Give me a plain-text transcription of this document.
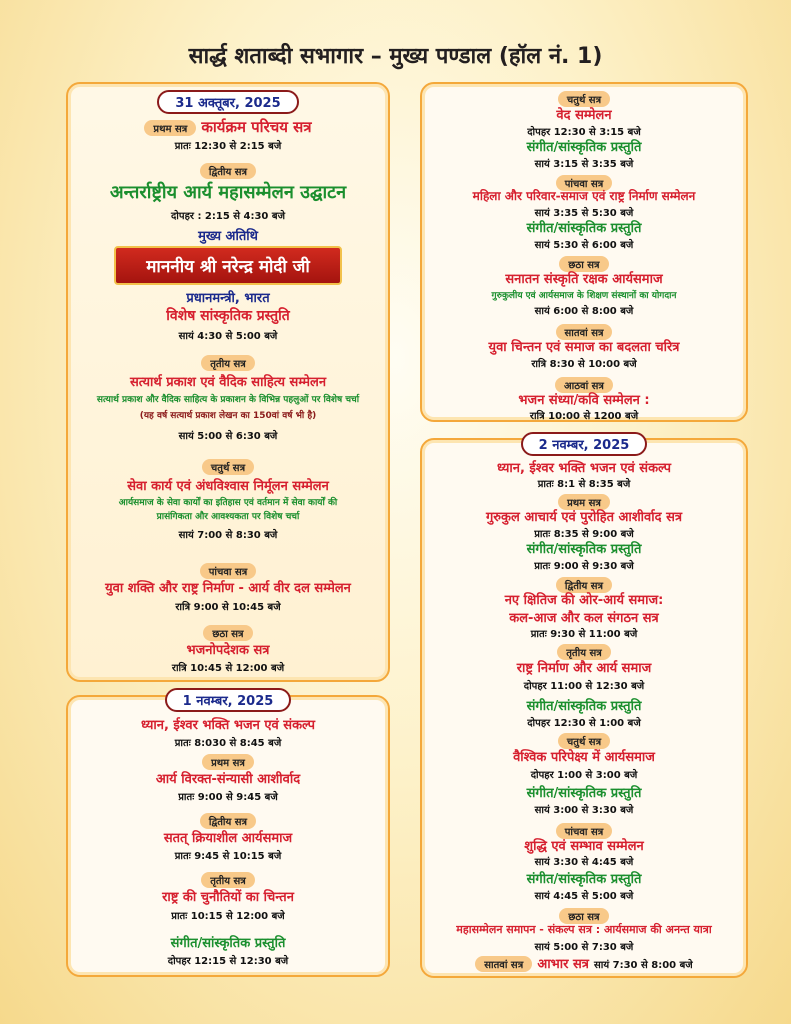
सार्द्ध शताब्दी सभागार – मुख्य पण्डाल (हॉल नं. 1)
31 अक्तूबर, 2025
प्रथम सत्र कार्यक्रम परिचय सत्र
प्रातः 12:30 से 2:15 बजे
द्वितीय सत्र
अन्तर्राष्ट्रीय आर्य महासम्मेलन उद्घाटन
दोपहर : 2:15 से 4:30 बजे
मुख्य अतिथि
माननीय श्री नरेन्द्र मोदी जी
प्रधानमन्त्री, भारत
विशेष सांस्कृतिक प्रस्तुति
सायं 4:30 से 5:00 बजे
तृतीय सत्र
सत्यार्थ प्रकाश एवं वैदिक साहित्य सम्मेलन
सत्यार्थ प्रकाश और वैदिक साहित्य के प्रकाशन के विभिन्न पहलुओं पर विशेष चर्चा
(यह वर्ष सत्यार्थ प्रकाश लेखन का 150वां वर्ष भी है)
सायं 5:00 से 6:30 बजे
चतुर्थ सत्र
सेवा कार्य एवं अंधविश्वास निर्मूलन सम्मेलन
आर्यसमाज के सेवा कार्यों का इतिहास एवं वर्तमान में सेवा कार्यों की
प्रासंगिकता और आवश्यकता पर विशेष चर्चा
सायं 7:00 से 8:30 बजे
पांचवा सत्र
युवा शक्ति और राष्ट्र निर्माण - आर्य वीर दल सम्मेलन
रात्रि 9:00 से 10:45 बजे
छठा सत्र
भजनोपदेशक सत्र
रात्रि 10:45 से 12:00 बजे
1 नवम्बर, 2025
ध्यान, ईश्वर भक्ति भजन एवं संकल्प
प्रातः 8:030 से 8:45 बजे
प्रथम सत्र
आर्य विरक्त-संन्यासी आशीर्वाद
प्रातः 9:00 से 9:45 बजे
द्वितीय सत्र
सतत् क्रियाशील आर्यसमाज
प्रातः 9:45 से 10:15 बजे
तृतीय सत्र
राष्ट्र की चुनौतियों का चिन्तन
प्रातः 10:15 से 12:00 बजे
संगीत/सांस्कृतिक प्रस्तुति
दोपहर 12:15 से 12:30 बजे
चतुर्थ सत्र
वेद सम्मेलन
दोपहर 12:30 से 3:15 बजे
संगीत/सांस्कृतिक प्रस्तुति
सायं 3:15 से 3:35 बजे
पांचवा सत्र
महिला और परिवार-समाज एवं राष्ट्र निर्माण सम्मेलन
सायं 3:35 से 5:30 बजे
संगीत/सांस्कृतिक प्रस्तुति
सायं 5:30 से 6:00 बजे
छठा सत्र
सनातन संस्कृति रक्षक आर्यसमाज
गुरुकुलीय एवं आर्यसमाज के शिक्षण संस्थानों का योगदान
सायं 6:00 से 8:00 बजे
सातवां सत्र
युवा चिन्तन एवं समाज का बदलता चरित्र
रात्रि 8:30 से 10:00 बजे
आठवां सत्र
भजन संध्या/कवि सम्मेलन :
रात्रि 10:00 से 1200 बजे
2 नवम्बर, 2025
ध्यान, ईश्वर भक्ति भजन एवं संकल्प
प्रातः 8:1 से 8:35 बजे
प्रथम सत्र
गुरुकुल आचार्य एवं पुरोहित आशीर्वाद सत्र
प्रातः 8:35 से 9:00 बजे
संगीत/सांस्कृतिक प्रस्तुति
प्रातः 9:00 से 9:30 बजे
द्वितीय सत्र
नए क्षितिज की ओर-आर्य समाज:
कल-आज और कल संगठन सत्र
प्रातः 9:30 से 11:00 बजे
तृतीय सत्र
राष्ट्र निर्माण और आर्य समाज
दोपहर 11:00 से 12:30 बजे
संगीत/सांस्कृतिक प्रस्तुति
दोपहर 12:30 से 1:00 बजे
चतुर्थ सत्र
वैश्विक परिपेक्ष्य में आर्यसमाज
दोपहर 1:00 से 3:00 बजे
संगीत/सांस्कृतिक प्रस्तुति
सायं 3:00 से 3:30 बजे
पांचवा सत्र
शुद्धि एवं सम्भाव सम्मेलन
सायं 3:30 से 4:45 बजे
संगीत/सांस्कृतिक प्रस्तुति
सायं 4:45 से 5:00 बजे
छठा सत्र
महासम्मेलन समापन - संकल्प सत्र : आर्यसमाज की अनन्त यात्रा
सायं 5:00 से 7:30 बजे
सातवां सत्र आभार सत्र सायं 7:30 से 8:00 बजे
